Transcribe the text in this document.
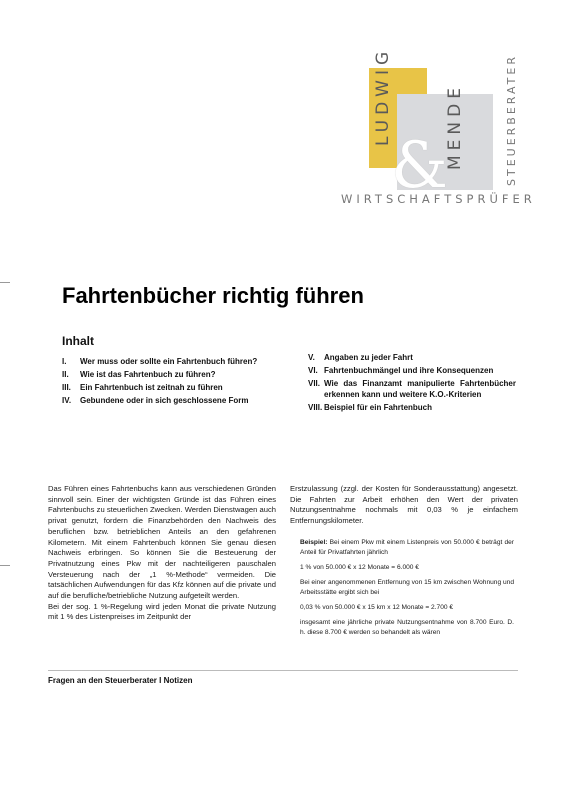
&
LUDWIG	MENDE	STEUERBERATER
WIRTSCHAFTSPRÜFER
Fahrtenbücher richtig führen
Inhalt
I.	Wer muss oder sollte ein Fahrtenbuch führen?
II.	Wie ist das Fahrtenbuch zu führen?
III.	Ein Fahrtenbuch ist zeitnah zu führen
IV.	Gebundene oder in sich geschlossene Form
V.	Angaben zu jeder Fahrt
VI. Fahrtenbuchmängel und ihre Konsequenzen
VII. Wie das Finanzamt manipulierte Fahrtenbücher erkennen kann und weitere K.O.-Kriterien
VIII. Beispiel für ein Fahrtenbuch

Das Führen eines Fahrtenbuchs kann aus verschiedenen Gründen sinnvoll sein. Einer der wichtigsten Gründe ist das Führen eines Fahrtenbuchs zu steuerlichen Zwecken. Werden Dienstwagen auch privat genutzt, fordern die Finanzbehörden den Nachweis des beruflichen bzw. betrieblichen Anteils an den gefahrenen Kilometern. Mit einem Fahrtenbuch können Sie genau diesen Nachweis erbringen. So können Sie die Besteuerung der Privatnutzung eines Pkw mit der nachteiligeren pauschalen Versteuerung nach der „1 %-Methode“ vermeiden. Die tatsächlichen Aufwendungen für das Kfz können auf die private und auf die berufliche/betriebliche Nutzung aufgeteilt werden.

Bei der sog. 1 %-Regelung wird jeden Monat die private Nutzung mit 1 % des Listenpreises im Zeitpunkt der

Erstzulassung (zzgl. der Kosten für Sonderausstattung) angesetzt. Die Fahrten zur Arbeit erhöhen den Wert der privaten Nutzungsentnahme nochmals mit 0,03 % je einfachem Entfernungskilometer.

Beispiel: Bei einem Pkw mit einem Listenpreis von 50.000 € beträgt der Anteil für Privatfahrten jährlich

1 % von 50.000 € x 12 Monate = 6.000 €

Bei einer angenommenen Entfernung von 15 km zwischen Wohnung und Arbeitsstätte ergibt sich bei

0,03 % von 50.000 € x 15 km x 12 Monate = 2.700 €

insgesamt eine jährliche private Nutzungsentnahme von 8.700 Euro. D. h. diese 8.700 € werden so behandelt als wären

Fragen an den Steuerberater I Notizen
